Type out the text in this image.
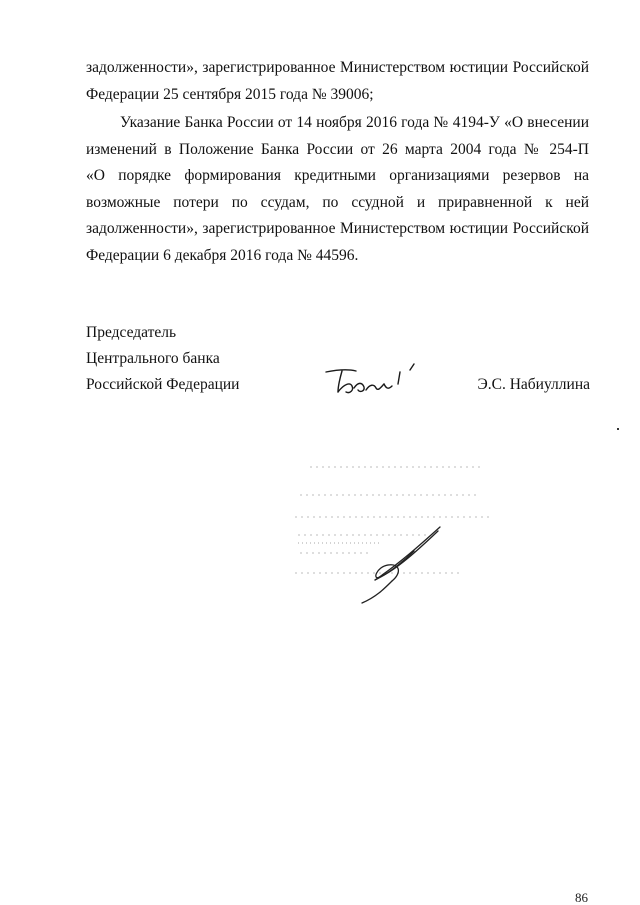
задолженности», зарегистрированное Министерством юстиции Российской
Федерации 25 сентября 2015 года № 39006;
Указание Банка России от 14 ноября 2016 года № 4194-У «О внесении
изменений в Положение Банка России от 26 марта 2004 года № 254-П
«О порядке формирования кредитными организациями резервов на
возможные потери по ссудам, по ссудной и приравненной к ней
задолженности», зарегистрированное Министерством юстиции Российской
Федерации 6 декабря 2016 года № 44596.
Председатель
Центрального банка
Российской Федерации	Э.С. Набиуллина
86
